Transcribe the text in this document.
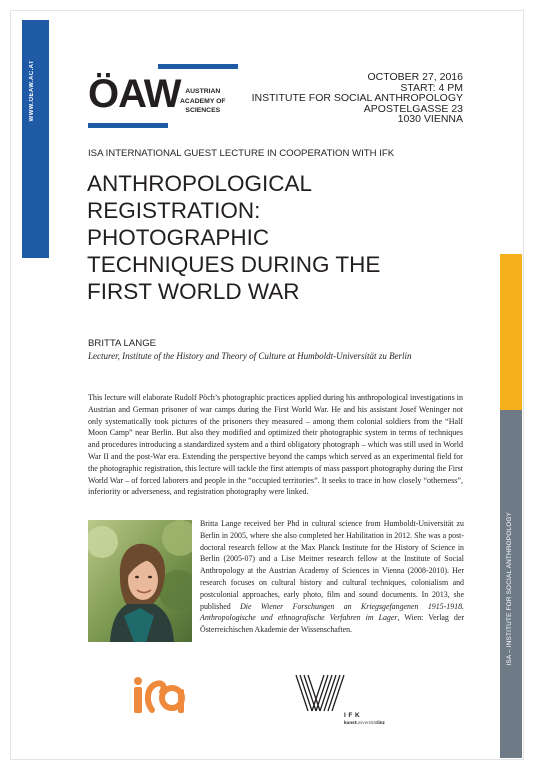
WWW.OEAW.AC.AT
ISA – INSTITUTE FOR SOCIAL ANTHROPOLOGY
ÖAW AUSTRIAN
ACADEMY OF
SCIENCES
OCTOBER 27, 2016
START: 4 PM
INSTITUTE FOR SOCIAL ANTHROPOLOGY
APOSTELGASSE 23
1030 VIENNA
ISA INTERNATIONAL GUEST LECTURE IN COOPERATION WITH IFK
ANTHROPOLOGICAL
REGISTRATION:
PHOTOGRAPHIC
TECHNIQUES DURING THE
FIRST WORLD WAR
BRITTA LANGE
Lecturer, Institute of the History and Theory of Culture at Humboldt-Universität zu Berlin

This lecture will elaborate Rudolf Pöch’s photographic practices applied during his anthropological investigations in Austrian and German prisoner of war camps during the First World War. He and his assistant Josef Weninger not only systematically took pictures of the prisoners they measured – among them colonial soldiers from the “Half Moon Camp” near Berlin. But also they modified and optimized their photographic system in terms of techniques and procedures introducing a standardized system and a third obligatory photograph – which was still used in World War II and the post-War era. Extending the perspective beyond the camps which served as an experimental field for the photographic registration, this lecture will tackle the first attempts of mass passport photography during the First World War – of forced laborers and people in the “occupied territories”. It seeks to trace in how closely “otherness”, inferiority or adverseness, and registration photography were linked.

Britta Lange received her Phd in cultural science from Humboldt-Universität zu Berlin in 2005, where she also completed her Habilitation in 2012. She was a post-doctoral research fellow at the Max Planck Institute for the History of Science in Berlin (2005-07) and a Lise Meitner research fellow at the Institute of Social Anthropology at the Austrian Academy of Sciences in Vienna (2008-2010). Her research focuses on cultural history and cultural techniques, colonialism and postcolonial approaches, early photo, film and sound documents. In 2013, she published Die Wiener Forschungen an Kriegsgefangenen 1915-1918. Anthropologische und ethnografische Verfahren im Lager, Wien: Verlag der Österreichischen Akademie der Wissenschaften.

IFK
kunstuniversitätlinz
